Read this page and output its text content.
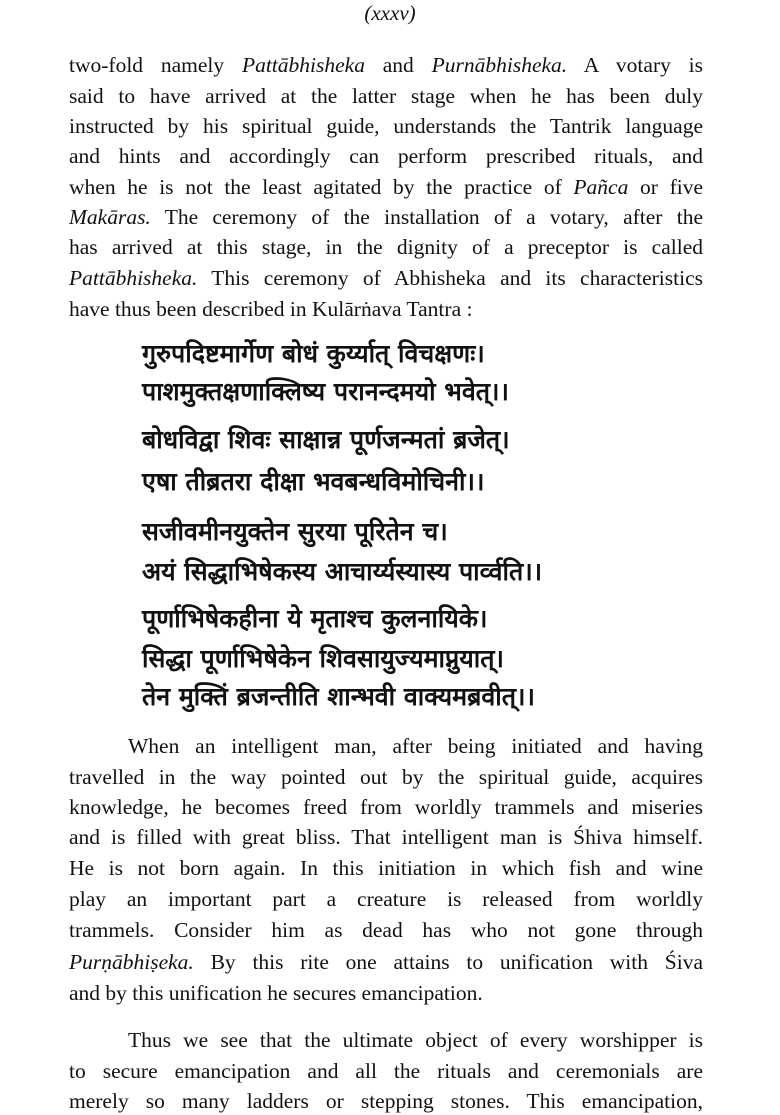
(xxxv)
two-fold namely Pattābhisheka and Purnābhisheka. A votary is
said to have arrived at the latter stage when he has been duly
instructed by his spiritual guide, understands the Tantrik language
and hints and accordingly can perform prescribed rituals, and
when he is not the least agitated by the practice of Pañca or five
Makāras. The ceremony of the installation of a votary, after the
has arrived at this stage, in the dignity of a preceptor is called
Pattābhisheka. This ceremony of Abhisheka and its characteristics
have thus been described in Kulārṅava Tantra :
गुरुपदिष्टमार्गेण बोधं कुर्य्यात् विचक्षणः।
पाशमुक्तक्षणाक्लिष्य परानन्दमयो भवेत्।।
बोधविद्वा शिवः साक्षान्न पूर्णजन्मतां ब्रजेत्।
एषा तीब्रतरा दीक्षा भवबन्धविमोचिनी।।
सजीवमीनयुक्तेन सुरया पूरितेन च।
अयं सिद्धाभिषेकस्य आचार्य्यस्यास्य पार्व्वति।।
पूर्णाभिषेकहीना ये मृताश्च कुलनायिके।
सिद्धा पूर्णाभिषेकेन शिवसायुज्यमाप्नुयात्।
तेन मुक्तिं ब्रजन्तीति शान्भवी वाक्यमब्रवीत्।।
When an intelligent man, after being initiated and having
travelled in the way pointed out by the spiritual guide, acquires
knowledge, he becomes freed from worldly trammels and miseries
and is filled with great bliss. That intelligent man is Śhiva himself.
He is not born again. In this initiation in which fish and wine
play an important part a creature is released from worldly
trammels. Consider him as dead has who not gone through
Purṇābhiṣeka. By this rite one attains to unification with Śiva
and by this unification he secures emancipation.
Thus we see that the ultimate object of every worshipper is
to secure emancipation and all the rituals and ceremonials are
merely so many ladders or stepping stones. This emancipation,
